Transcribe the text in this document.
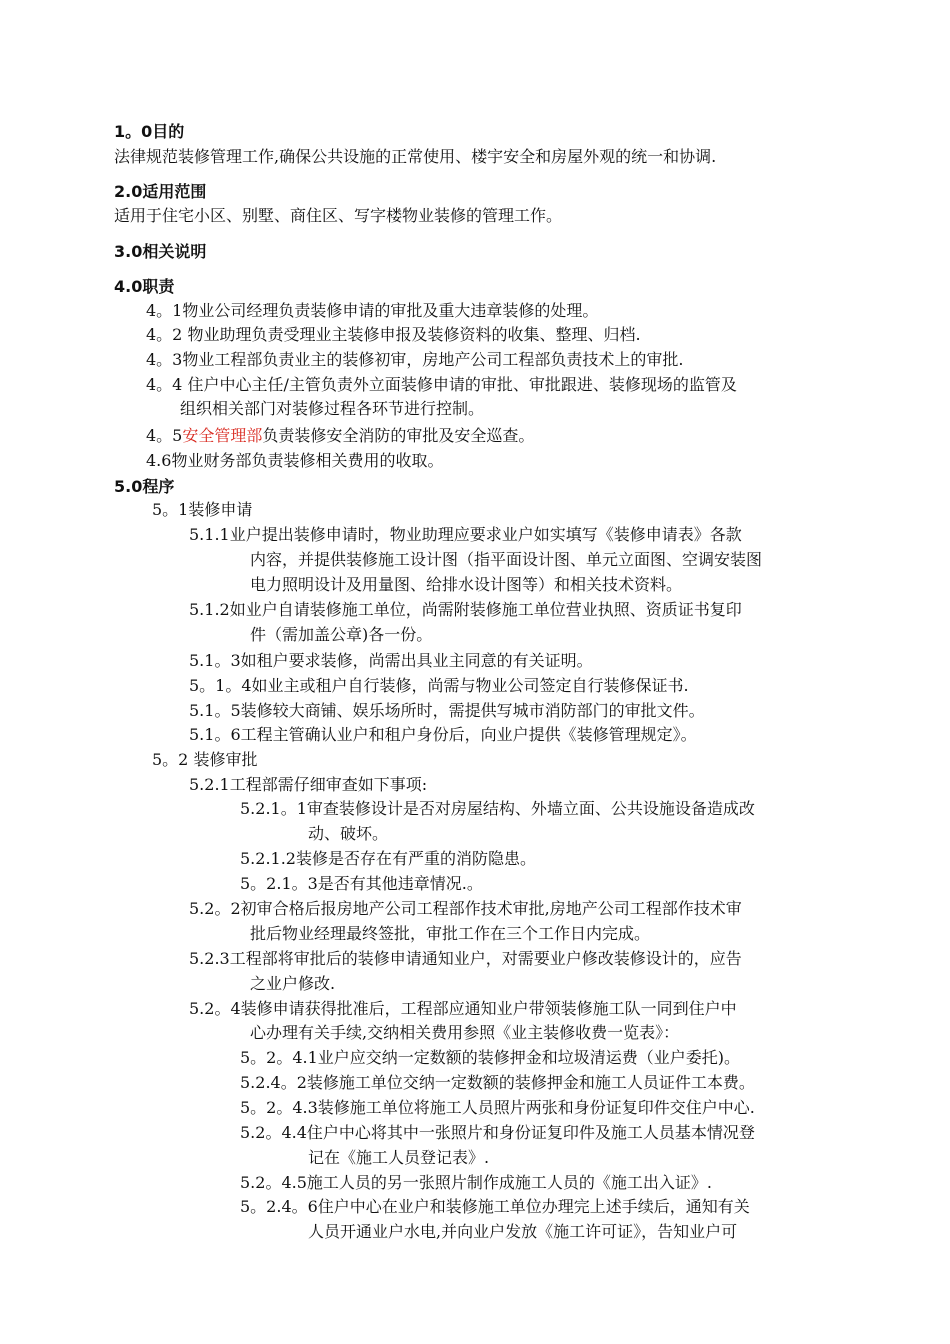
1。0目的
法律规范装修管理工作,确保公共设施的正常使用、楼宇安全和房屋外观的统一和协调.
2.0适用范围
适用于住宅小区、别墅、商住区、写字楼物业装修的管理工作。
3.0相关说明
4.0职责
4。1物业公司经理负责装修申请的审批及重大违章装修的处理。
4。2 物业助理负责受理业主装修申报及装修资料的收集、整理、归档.
4。3物业工程部负责业主的装修初审，房地产公司工程部负责技术上的审批.
4。4 住户中心主任/主管负责外立面装修申请的审批、审批跟进、装修现场的监管及
组织相关部门对装修过程各环节进行控制。
4。5安全管理部负责装修安全消防的审批及安全巡查。
4.6物业财务部负责装修相关费用的收取。
5.0程序
5。1装修申请
5.1.1业户提出装修申请时，物业助理应要求业户如实填写《装修申请表》各款
内容，并提供装修施工设计图（指平面设计图、单元立面图、空调安装图
电力照明设计及用量图、给排水设计图等）和相关技术资料。
5.1.2如业户自请装修施工单位，尚需附装修施工单位营业执照、资质证书复印
件（需加盖公章)各一份。
5.1。3如租户要求装修，尚需出具业主同意的有关证明。
5。1。4如业主或租户自行装修，尚需与物业公司签定自行装修保证书.
5.1。5装修较大商铺、娱乐场所时，需提供写城市消防部门的审批文件。
5.1。6工程主管确认业户和租户身份后，向业户提供《装修管理规定》。
5。2 装修审批
5.2.1工程部需仔细审查如下事项:
5.2.1。1审查装修设计是否对房屋结构、外墙立面、公共设施设备造成改
动、破坏。
5.2.1.2装修是否存在有严重的消防隐患。
5。2.1。3是否有其他违章情况.。
5.2。2初审合格后报房地产公司工程部作技术审批,房地产公司工程部作技术审
批后物业经理最终签批，审批工作在三个工作日内完成。
5.2.3工程部将审批后的装修申请通知业户，对需要业户修改装修设计的，应告
之业户修改.
5.2。4装修申请获得批准后，工程部应通知业户带领装修施工队一同到住户中
心办理有关手续,交纳相关费用参照《业主装修收费一览表》：
5。2。4.1业户应交纳一定数额的装修押金和垃圾清运费（业户委托)。
5.2.4。2装修施工单位交纳一定数额的装修押金和施工人员证件工本费。
5。2。4.3装修施工单位将施工人员照片两张和身份证复印件交住户中心.
5.2。4.4住户中心将其中一张照片和身份证复印件及施工人员基本情况登
记在《施工人员登记表》.
5.2。4.5施工人员的另一张照片制作成施工人员的《施工出入证》.
5。2.4。6住户中心在业户和装修施工单位办理完上述手续后，通知有关
人员开通业户水电,并向业户发放《施工许可证》，告知业户可
